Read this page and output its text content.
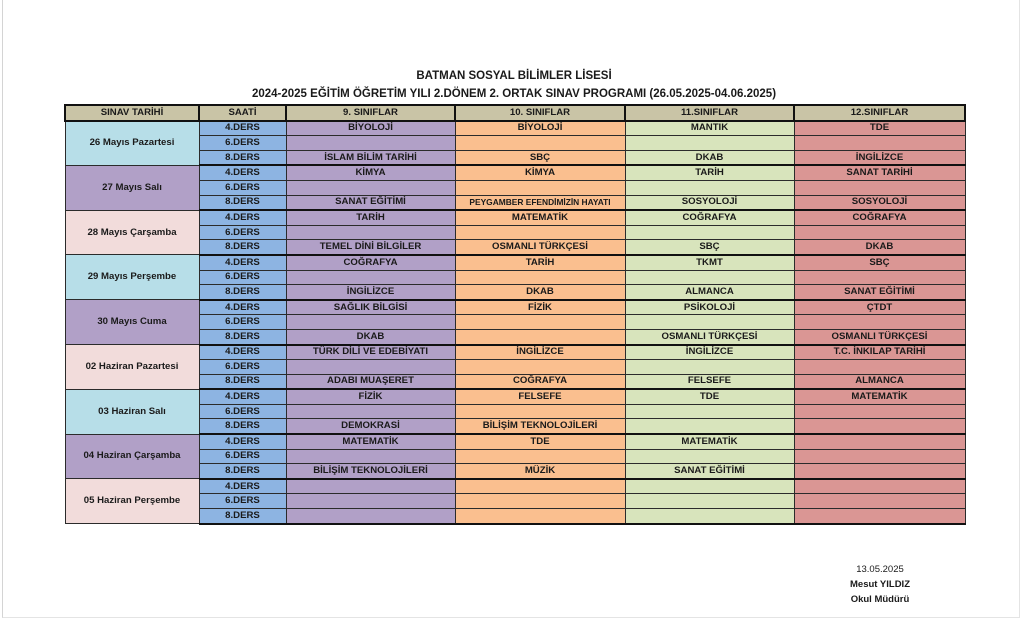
BATMAN SOSYAL BİLİMLER LİSESİ
2024-2025 EĞİTİM ÖĞRETİM YILI 2.DÖNEM 2. ORTAK SINAV PROGRAMI (26.05.2025-04.06.2025)
SINAV TARİHİ	SAATİ	9. SINIFLAR	10. SINIFLAR	11.SINIFLAR	12.SINIFLAR
26 Mayıs Pazartesi	4.DERS	BİYOLOJİ	BİYOLOJİ	MANTIK	TDE
	6.DERS				
	8.DERS	İSLAM BİLİM TARİHİ	SBÇ	DKAB	İNGİLİZCE
27 Mayıs Salı	4.DERS	KİMYA	KİMYA	TARİH	SANAT TARİHİ
	6.DERS				
	8.DERS	SANAT EĞİTİMİ	PEYGAMBER EFENDİMİZİN HAYATI	SOSYOLOJİ	SOSYOLOJİ
28 Mayıs Çarşamba	4.DERS	TARİH	MATEMATİK	COĞRAFYA	COĞRAFYA
	6.DERS				
	8.DERS	TEMEL DİNİ BİLGİLER	OSMANLI TÜRKÇESİ	SBÇ	DKAB
29 Mayıs Perşembe	4.DERS	COĞRAFYA	TARİH	TKMT	SBÇ
	6.DERS				
	8.DERS	İNGİLİZCE	DKAB	ALMANCA	SANAT EĞİTİMİ
30 Mayıs Cuma	4.DERS	SAĞLIK BİLGİSİ	FİZİK	PSİKOLOJİ	ÇTDT
	6.DERS				
	8.DERS	DKAB		OSMANLI TÜRKÇESİ	OSMANLI TÜRKÇESİ
02 Haziran Pazartesi	4.DERS	TÜRK DİLİ VE EDEBİYATI	İNGİLİZCE	İNGİLİZCE	T.C. İNKILAP TARİHİ
	6.DERS				
	8.DERS	ADABI MUAŞERET	COĞRAFYA	FELSEFE	ALMANCA
03 Haziran Salı	4.DERS	FİZİK	FELSEFE	TDE	MATEMATİK
	6.DERS				
	8.DERS	DEMOKRASİ	BİLİŞİM TEKNOLOJİLERİ		
04 Haziran Çarşamba	4.DERS	MATEMATİK	TDE	MATEMATİK	
	6.DERS				
	8.DERS	BİLİŞİM TEKNOLOJİLERİ	MÜZİK	SANAT EĞİTİMİ	
05 Haziran Perşembe	4.DERS				
	6.DERS				
	8.DERS				
13.05.2025
Mesut YILDIZ
Okul Müdürü
